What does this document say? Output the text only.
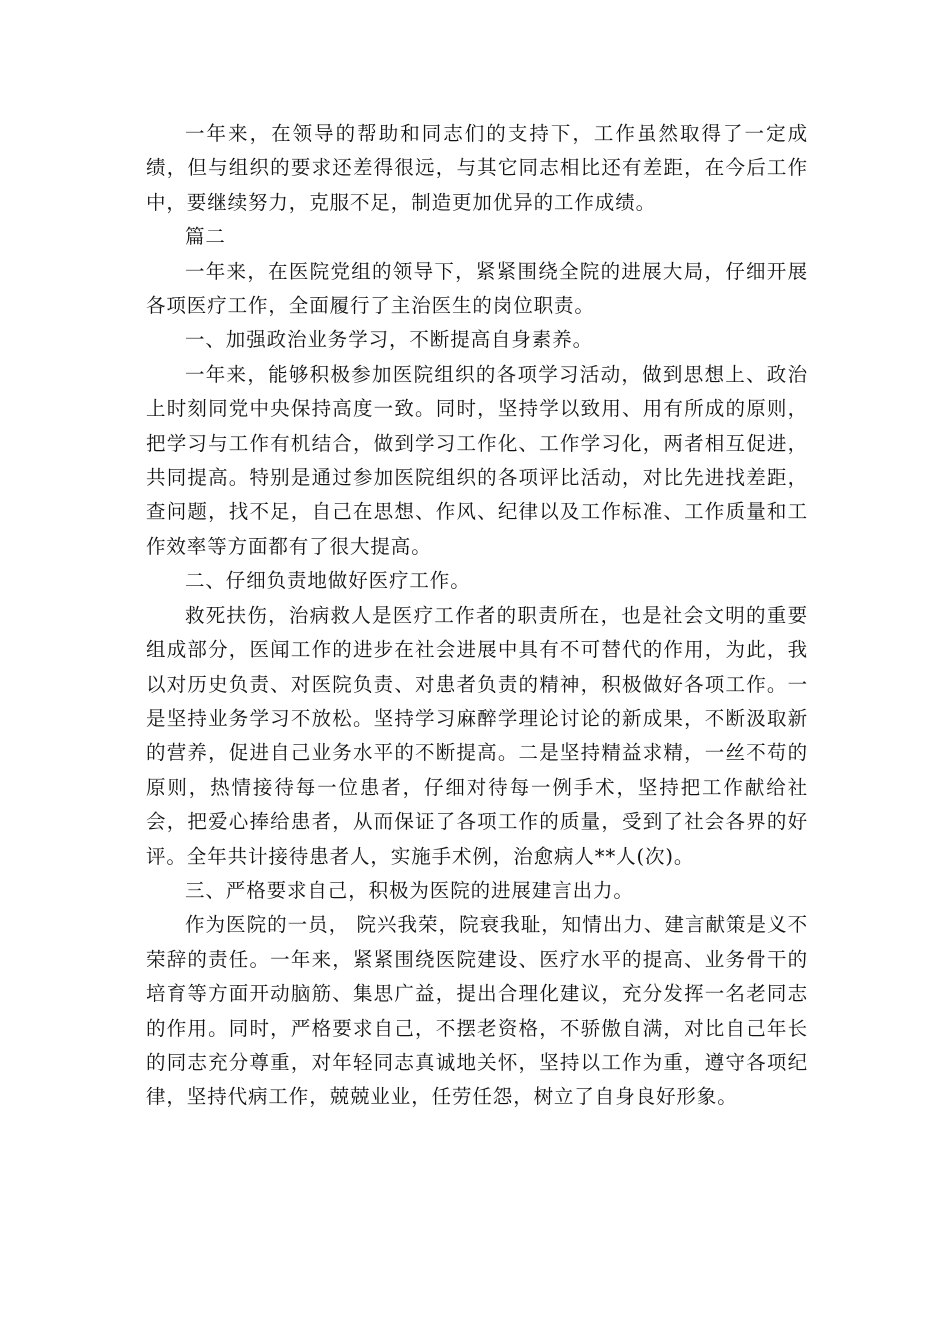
一年来，在领导的帮助和同志们的支持下，工作虽然取得了一定成绩，但与组织的要求还差得很远，与其它同志相比还有差距，在今后工作中，要继续努力，克服不足，制造更加优异的工作成绩。

篇二

一年来，在医院党组的领导下，紧紧围绕全院的进展大局，仔细开展各项医疗工作，全面履行了主治医生的岗位职责。

一、加强政治业务学习，不断提高自身素养。

一年来，能够积极参加医院组织的各项学习活动，做到思想上、政治上时刻同党中央保持高度一致。同时，坚持学以致用、用有所成的原则，把学习与工作有机结合，做到学习工作化、工作学习化，两者相互促进，共同提高。特别是通过参加医院组织的各项评比活动，对比先进找差距，查问题，找不足，自己在思想、作风、纪律以及工作标准、工作质量和工作效率等方面都有了很大提高。

二、仔细负责地做好医疗工作。

救死扶伤，治病救人是医疗工作者的职责所在，也是社会文明的重要组成部分，医闻工作的进步在社会进展中具有不可替代的作用，为此，我以对历史负责、对医院负责、对患者负责的精神，积极做好各项工作。一是坚持业务学习不放松。坚持学习麻醉学理论讨论的新成果，不断汲取新的营养，促进自己业务水平的不断提高。二是坚持精益求精，一丝不苟的原则，热情接待每一位患者，仔细对待每一例手术，坚持把工作献给社会，把爱心捧给患者，从而保证了各项工作的质量，受到了社会各界的好评。全年共计接待患者人，实施手术例，治愈病人**人(次)。

三、严格要求自己，积极为医院的进展建言出力。

作为医院的一员， 院兴我荣，院衰我耻，知情出力、建言献策是义不荣辞的责任。一年来，紧紧围绕医院建设、医疗水平的提高、业务骨干的培育等方面开动脑筋、集思广益，提出合理化建议，充分发挥一名老同志的作用。同时，严格要求自己，不摆老资格，不骄傲自满，对比自己年长的同志充分尊重，对年轻同志真诚地关怀，坚持以工作为重，遵守各项纪律，坚持代病工作，兢兢业业，任劳任怨，树立了自身良好形象。
